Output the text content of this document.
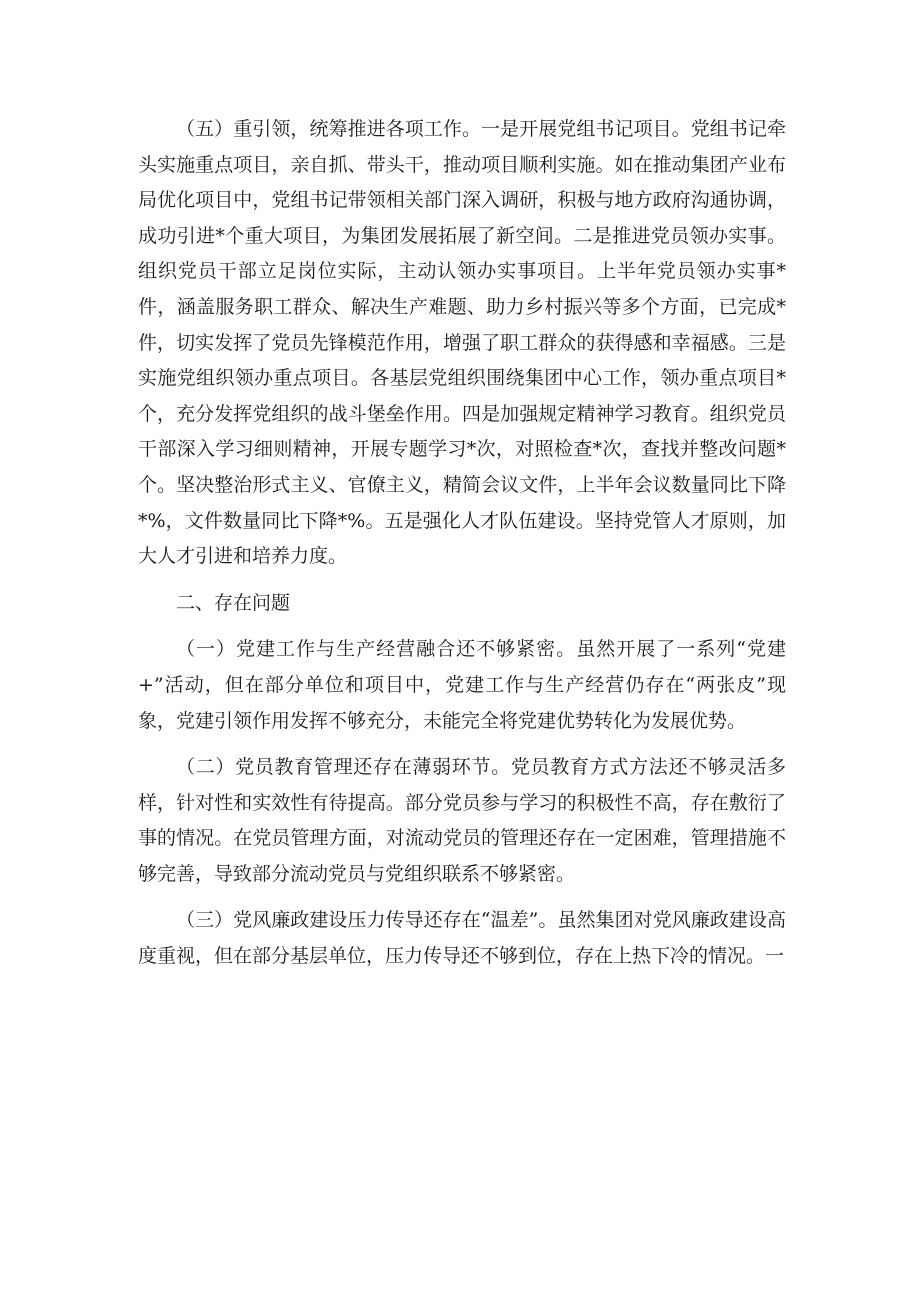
（五）重引领，统筹推进各项工作。一是开展党组书记项目。党组书记牵头实施重点项目，亲自抓、带头干，推动项目顺利实施。如在推动集团产业布局优化项目中，党组书记带领相关部门深入调研，积极与地方政府沟通协调，成功引进*个重大项目，为集团发展拓展了新空间。二是推进党员领办实事。组织党员干部立足岗位实际，主动认领办实事项目。上半年党员领办实事*件，涵盖服务职工群众、解决生产难题、助力乡村振兴等多个方面，已完成*件，切实发挥了党员先锋模范作用，增强了职工群众的获得感和幸福感。三是实施党组织领办重点项目。各基层党组织围绕集团中心工作，领办重点项目*个，充分发挥党组织的战斗堡垒作用。四是加强规定精神学习教育。组织党员干部深入学习细则精神，开展专题学习*次，对照检查*次，查找并整改问题*个。坚决整治形式主义、官僚主义，精简会议文件，上半年会议数量同比下降*%，文件数量同比下降*%。五是强化人才队伍建设。坚持党管人才原则，加大人才引进和培养力度。

二、存在问题

（一）党建工作与生产经营融合还不够紧密。虽然开展了一系列“党建+”活动，但在部分单位和项目中，党建工作与生产经营仍存在“两张皮”现象，党建引领作用发挥不够充分，未能完全将党建优势转化为发展优势。

（二）党员教育管理还存在薄弱环节。党员教育方式方法还不够灵活多样，针对性和实效性有待提高。部分党员参与学习的积极性不高，存在敷衍了事的情况。在党员管理方面，对流动党员的管理还存在一定困难，管理措施不够完善，导致部分流动党员与党组织联系不够紧密。

（三）党风廉政建设压力传导还存在“温差”。虽然集团对党风廉政建设高度重视，但在部分基层单位，压力传导还不够到位，存在上热下冷的情况。一
